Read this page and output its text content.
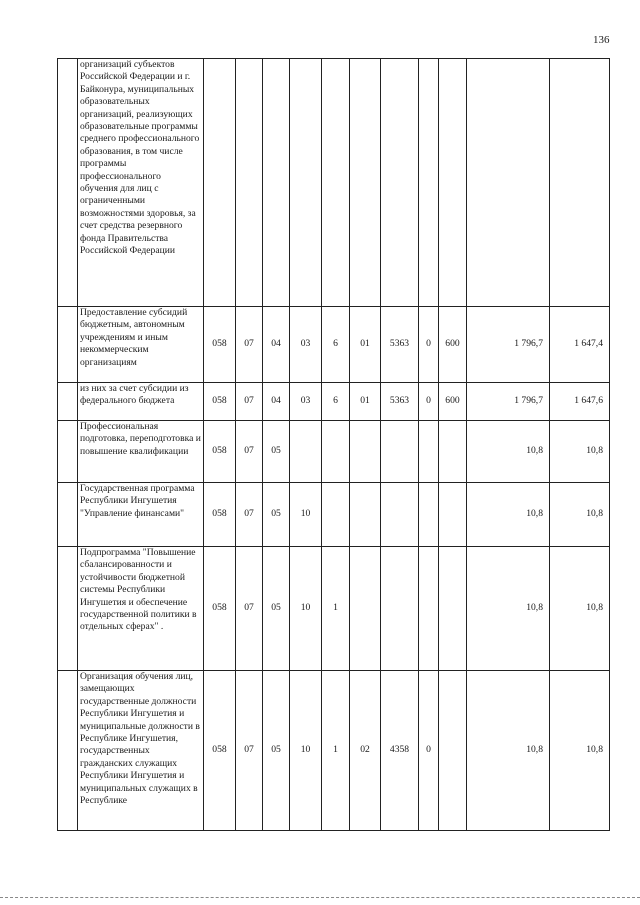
136
	организаций субъектов Российской Федерации и г. Байконура, муниципальных образовательных организаций, реализующих образовательные программы среднего профессионального образования, в том числе программы профессионального обучения для лиц с ограниченными возможностями здоровья, за счет средства резервного фонда Правительства Российской Федерации											
	Предоставление субсидий бюджетным, автономным учреждениям и иным некоммерческим организациям	058	07	04	03	6	01	5363	0	600	1 796,7	1 647,4
	из них за счет субсидии из федерального бюджета	058	07	04	03	6	01	5363	0	600	1 796,7	1 647,6
	Профессиональная подготовка, переподготовка и повышение квалификации	058	07	05							10,8	10,8
	Государственная программа Республики Ингушетия "Управление финансами"	058	07	05	10						10,8	10,8
	Подпрограмма "Повышение сбалансированности и устойчивости бюджетной системы Республики Ингушетия и обеспечение государственной политики в отдельных сферах" .	058	07	05	10	1					10,8	10,8
	Организация обучения лиц, замещающих государственные должности Республики Ингушетия и муниципальные должности в Республике Ингушетия, государственных гражданских служащих Республики Ингушетия и муниципальных служащих в Республике	058	07	05	10	1	02	4358	0		10,8	10,8
